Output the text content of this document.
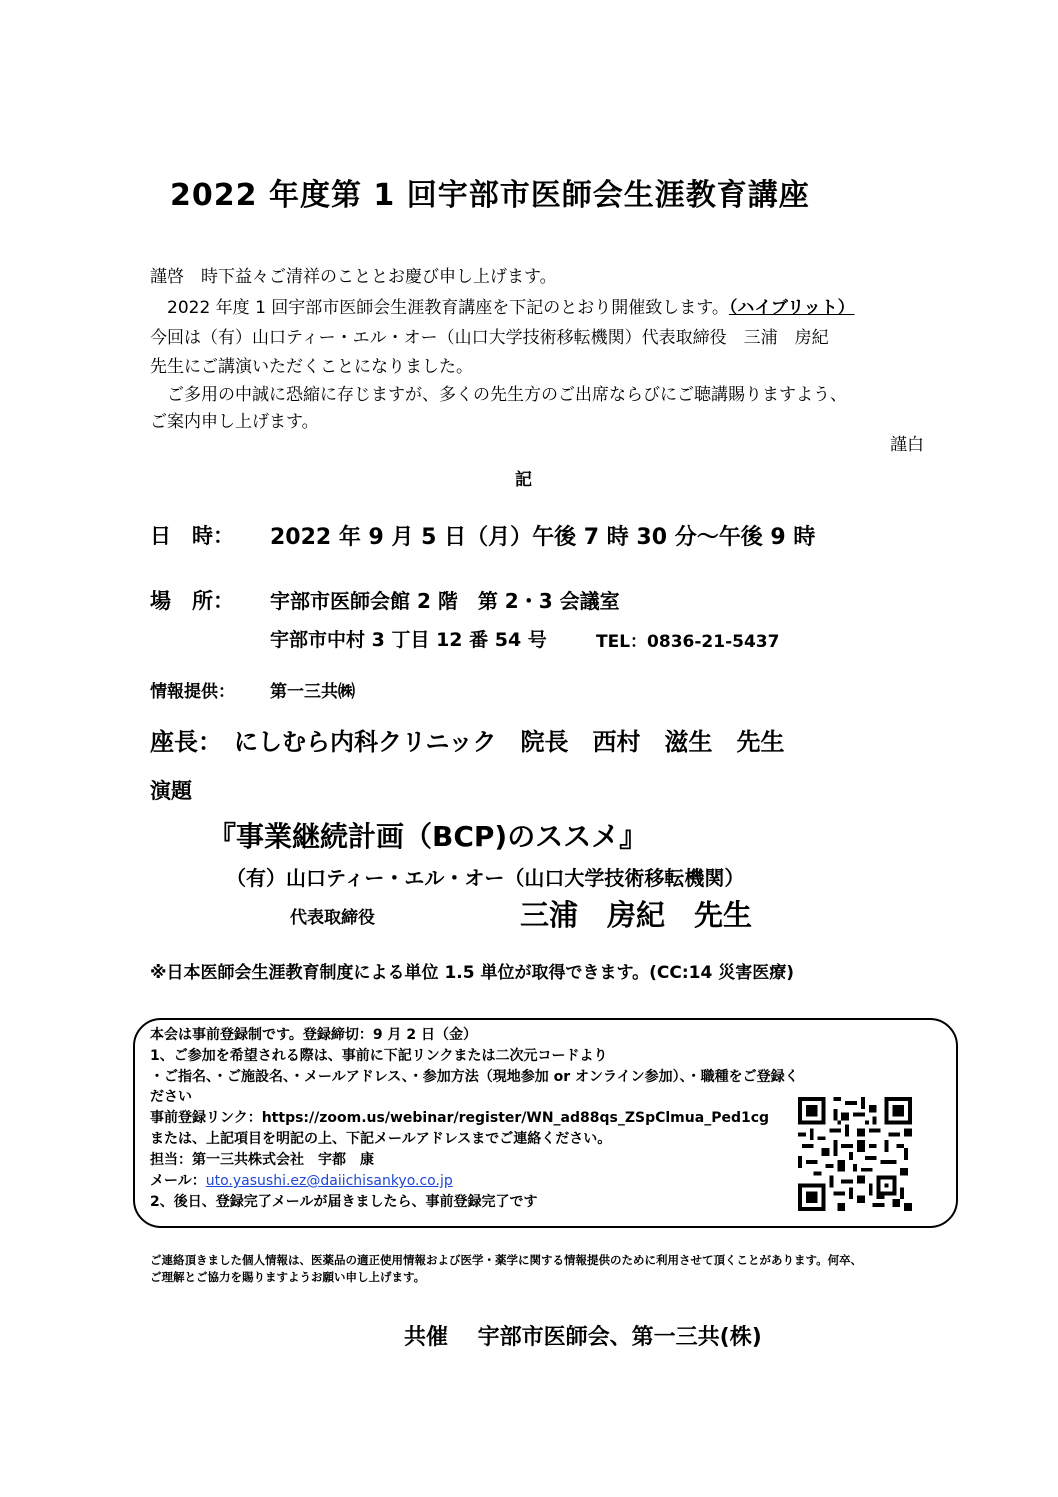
2022 年度第 1 回宇部市医師会生涯教育講座
謹啓　時下益々ご清祥のこととお慶び申し上げます。
　2022 年度 1 回宇部市医師会生涯教育講座を下記のとおり開催致します。（ハイブリット）
今回は（有）山口ティー・エル・オー（山口大学技術移転機関）代表取締役　三浦　房紀
先生にご講演いただくことになりました。
　ご多用の中誠に恐縮に存じますが、多くの先生方のご出席ならびにご聴講賜りますよう、
ご案内申し上げます。
謹白
記
日　時： 2022 年 9 月 5 日（月）午後 7 時 30 分～午後 9 時
場　所： 宇部市医師会館 2 階　第 2・3 会議室
宇部市中村 3 丁目 12 番 54 号	TEL：0836-21-5437
情報提供： 第一三共㈱
座長：　にしむら内科クリニック　院長　西村　滋生　先生
演題
『事業継続計画（BCP)のススメ』
（有）山口ティー・エル・オー（山口大学技術移転機関）
代表取締役	三浦　房紀　先生
※日本医師会生涯教育制度による単位 1.5 単位が取得できます。(CC:14 災害医療)
本会は事前登録制です。登録締切：9 月 2 日（金）
1、ご参加を希望される際は、事前に下記リンクまたは二次元コードより
・ご指名、・ご施設名、・メールアドレス、・参加方法（現地参加 or オンライン参加）、・職種をご登録く
ださい
事前登録リンク：https://zoom.us/webinar/register/WN_ad88qs_ZSpClmua_Ped1cg
または、上記項目を明記の上、下記メールアドレスまでご連絡ください。
担当：第一三共株式会社　宇都　康
メール：uto.yasushi.ez@daiichisankyo.co.jp
2、後日、登録完了メールが届きましたら、事前登録完了です
ご連絡頂きました個人情報は、医薬品の適正使用情報および医学・薬学に関する情報提供のために利用させて頂くことがあります。何卒、
ご理解とご協力を賜りますようお願い申し上げます。
共催　 宇部市医師会、第一三共(株)
